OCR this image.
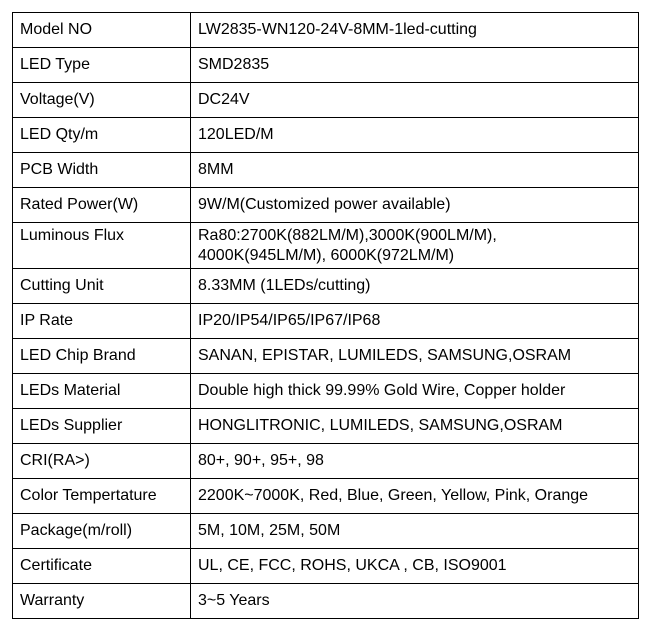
Model NO	LW2835-WN120-24V-8MM-1led-cutting
LED Type	SMD2835
Voltage(V)	DC24V
LED Qty/m	120LED/M
PCB Width	8MM
Rated Power(W)	9W/M(Customized power available)
Luminous Flux	Ra80:2700K(882LM/M),3000K(900LM/M),
4000K(945LM/M), 6000K(972LM/M)

Cutting Unit	8.33MM (1LEDs/cutting)
IP Rate	IP20/IP54/IP65/IP67/IP68
LED Chip Brand	SANAN, EPISTAR, LUMILEDS, SAMSUNG,OSRAM
LEDs Material	Double high thick 99.99% Gold Wire, Copper holder
LEDs Supplier	HONGLITRONIC, LUMILEDS, SAMSUNG,OSRAM
CRI(RA>)	80+, 90+, 95+, 98
Color Tempertature	2200K~7000K, Red, Blue, Green, Yellow, Pink, Orange
Package(m/roll)	5M, 10M, 25M, 50M
Certificate	UL, CE, FCC, ROHS, UKCA , CB, ISO9001
Warranty	3~5 Years
